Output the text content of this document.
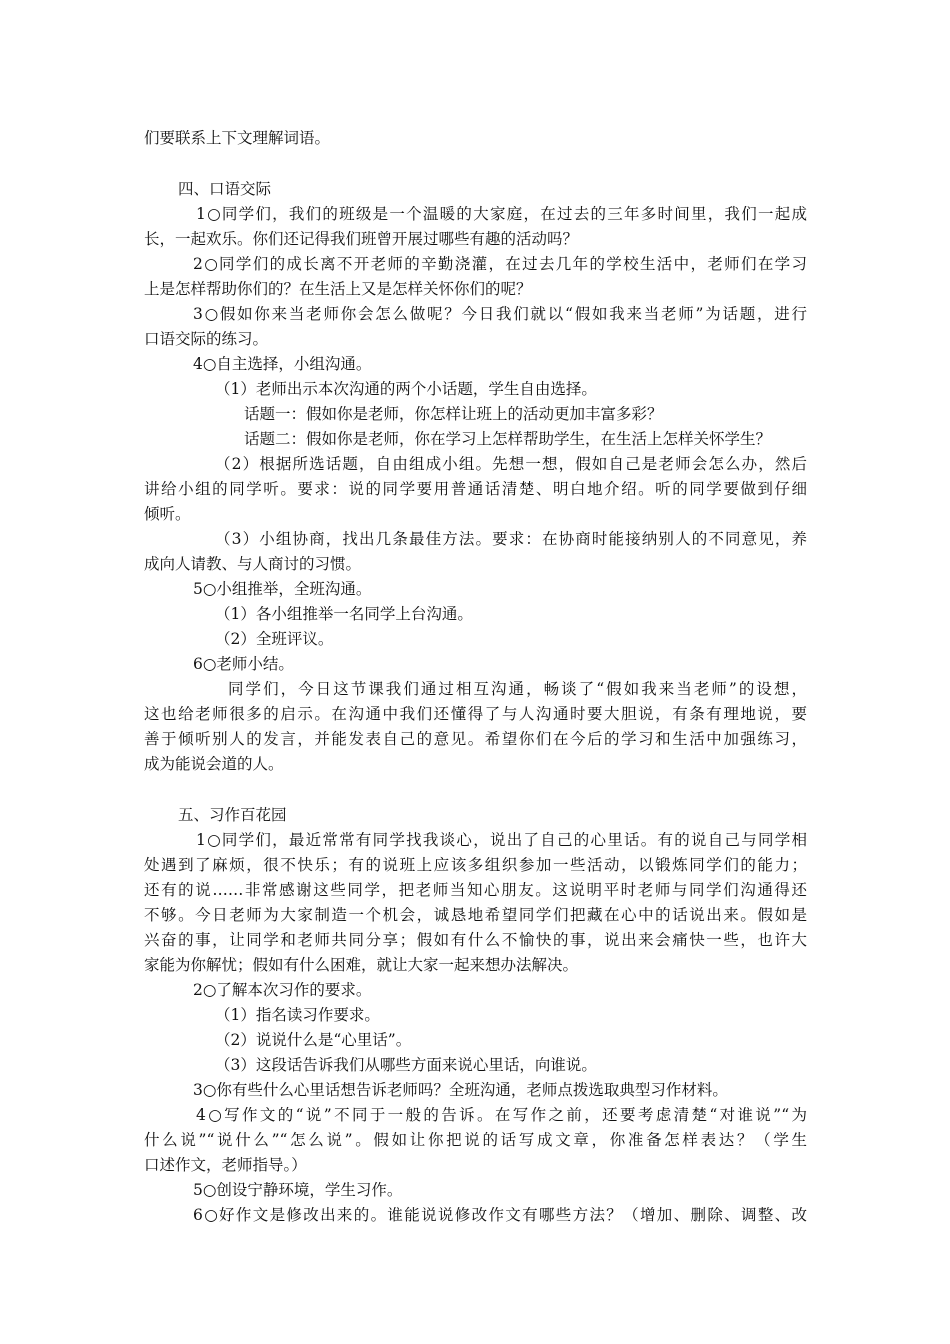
们要联系上下文理解词语。
四、口语交际
1○同学们，我们的班级是一个温暖的大家庭，在过去的三年多时间里，我们一起成
长，一起欢乐。你们还记得我们班曾开展过哪些有趣的活动吗？
2○同学们的成长离不开老师的辛勤浇灌，在过去几年的学校生活中，老师们在学习
上是怎样帮助你们的？在生活上又是怎样关怀你们的呢？
3○假如你来当老师你会怎么做呢？今日我们就以“假如我来当老师”为话题，进行
口语交际的练习。
4○自主选择，小组沟通。
（1）老师出示本次沟通的两个小话题，学生自由选择。
话题一：假如你是老师，你怎样让班上的活动更加丰富多彩？
话题二：假如你是老师，你在学习上怎样帮助学生，在生活上怎样关怀学生？
（2）根据所选话题，自由组成小组。先想一想，假如自己是老师会怎么办，然后
讲给小组的同学听。要求：说的同学要用普通话清楚、明白地介绍。听的同学要做到仔细
倾听。
（3）小组协商，找出几条最佳方法。要求：在协商时能接纳别人的不同意见，养
成向人请教、与人商讨的习惯。
5○小组推举，全班沟通。
（1）各小组推举一名同学上台沟通。
（2）全班评议。
6○老师小结。
同学们，今日这节课我们通过相互沟通，畅谈了“假如我来当老师”的设想，
这也给老师很多的启示。在沟通中我们还懂得了与人沟通时要大胆说，有条有理地说，要
善于倾听别人的发言，并能发表自己的意见。希望你们在今后的学习和生活中加强练习，
成为能说会道的人。
五、习作百花园
1○同学们，最近常常有同学找我谈心，说出了自己的心里话。有的说自己与同学相
处遇到了麻烦，很不快乐；有的说班上应该多组织参加一些活动，以锻炼同学们的能力；
还有的说……非常感谢这些同学，把老师当知心朋友。这说明平时老师与同学们沟通得还
不够。今日老师为大家制造一个机会，诚恳地希望同学们把藏在心中的话说出来。假如是
兴奋的事，让同学和老师共同分享；假如有什么不愉快的事，说出来会痛快一些，也许大
家能为你解忧；假如有什么困难，就让大家一起来想办法解决。
2○了解本次习作的要求。
（1）指名读习作要求。
（2）说说什么是“心里话”。
（3）这段话告诉我们从哪些方面来说心里话，向谁说。
3○你有些什么心里话想告诉老师吗？全班沟通，老师点拨选取典型习作材料。
4○写作文的“说”不同于一般的告诉。在写作之前，还要考虑清楚“对谁说”“为
什么说”“说什么”“怎么说”。假如让你把说的话写成文章，你准备怎样表达？（学生
口述作文，老师指导。）
5○创设宁静环境，学生习作。
6○好作文是修改出来的。谁能说说修改作文有哪些方法？（增加、删除、调整、改
